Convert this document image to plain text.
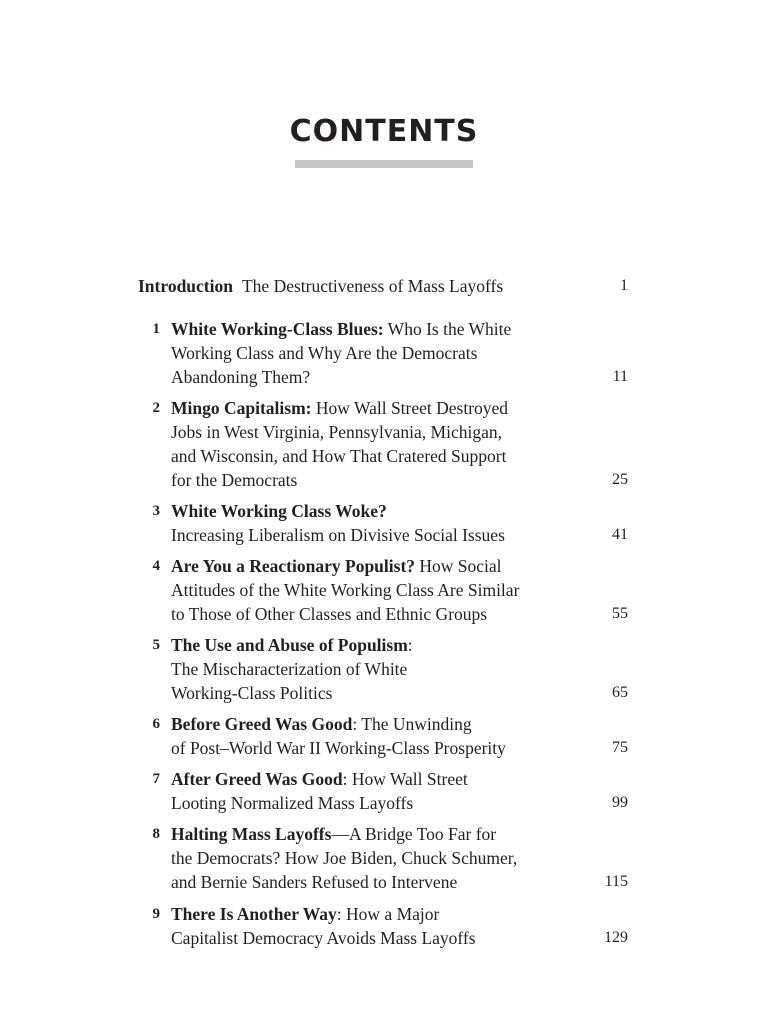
CONTENTS
Introduction The Destructiveness of Mass Layoffs	1
1 White Working-Class Blues: Who Is the White
Working Class and Why Are the Democrats
Abandoning Them?	11
2 Mingo Capitalism: How Wall Street Destroyed
Jobs in West Virginia, Pennsylvania, Michigan,
and Wisconsin, and How That Cratered Support
for the Democrats	25
3 White Working Class Woke?
Increasing Liberalism on Divisive Social Issues	41
4 Are You a Reactionary Populist? How Social
Attitudes of the White Working Class Are Similar
to Those of Other Classes and Ethnic Groups	55
5 The Use and Abuse of Populism:
The Mischaracterization of White
Working-Class Politics	65
6 Before Greed Was Good: The Unwinding
of Post–World War II Working-Class Prosperity	75
7 After Greed Was Good: How Wall Street
Looting Normalized Mass Layoffs	99
8 Halting Mass Layoffs—A Bridge Too Far for
the Democrats? How Joe Biden, Chuck Schumer,
and Bernie Sanders Refused to Intervene	115
9 There Is Another Way: How a Major
Capitalist Democracy Avoids Mass Layoffs	129
